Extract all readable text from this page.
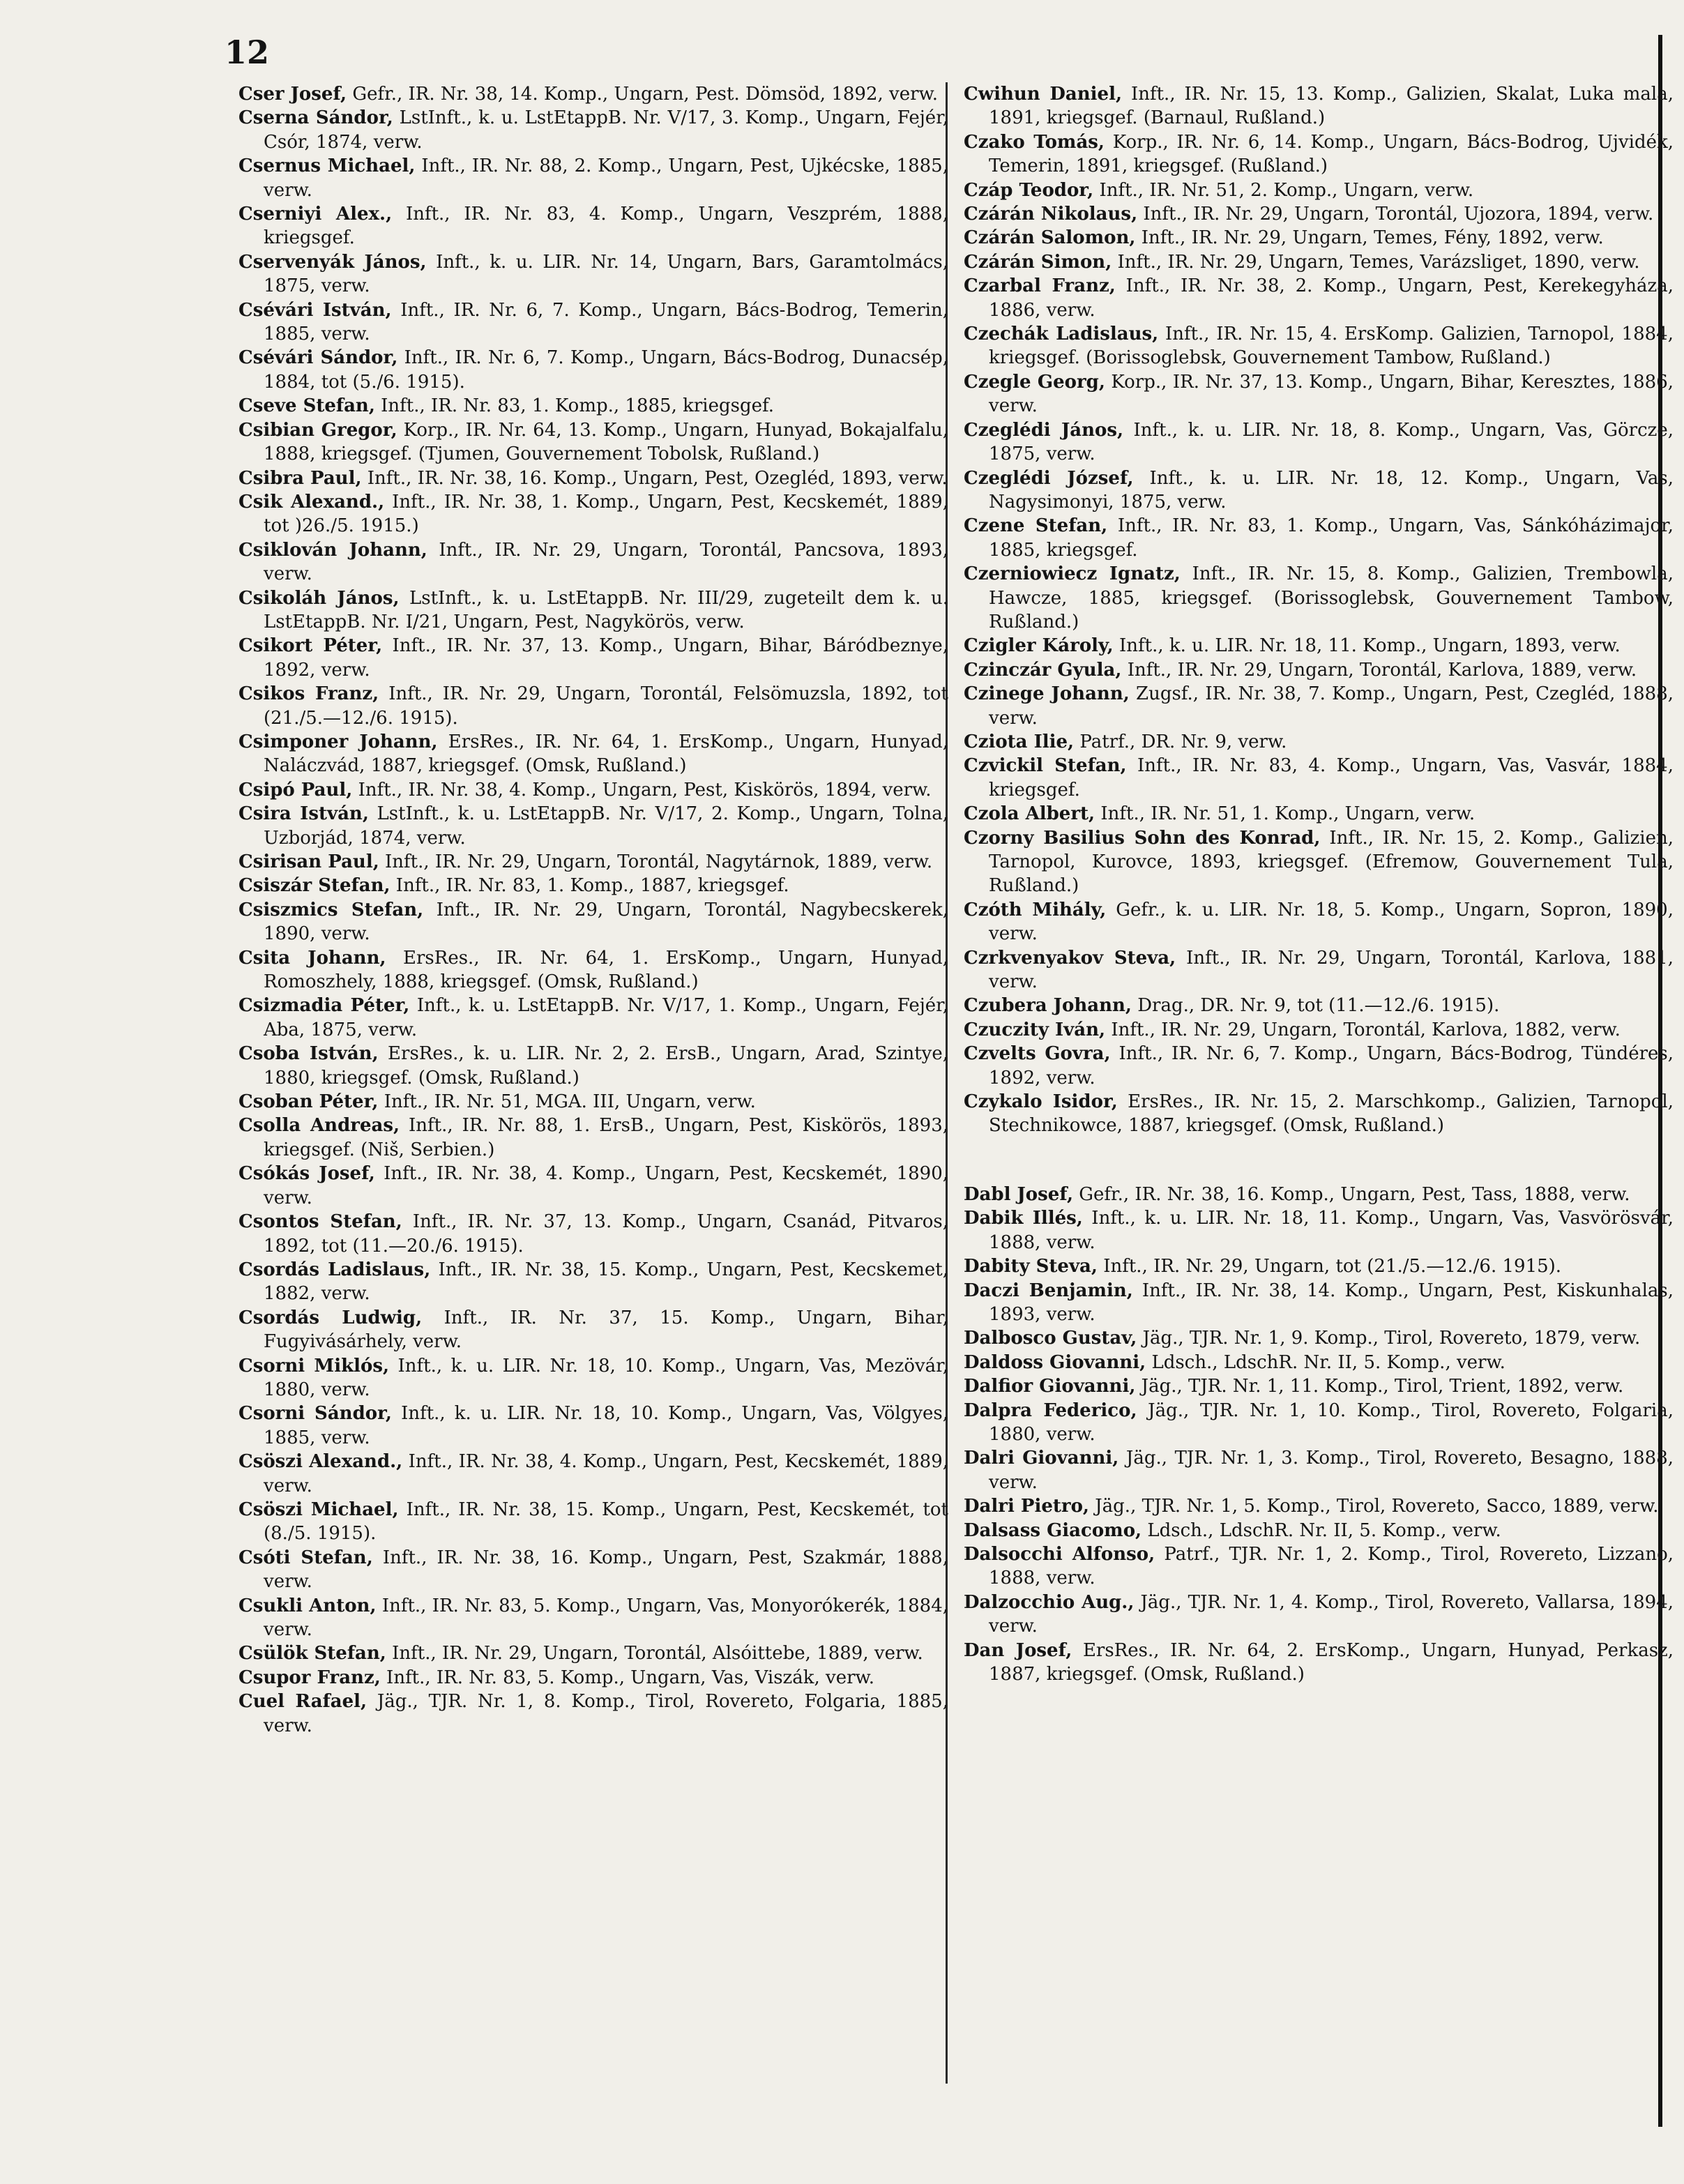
12

Cser Josef, Gefr., IR. Nr. 38, 14. Komp., Ungarn, Pest. Dömsöd, 1892, verw.

Cserna Sándor, LstInft., k. u. LstEtappB. Nr. V/17, 3. Komp., Ungarn, Fejér, Csór, 1874, verw.

Csernus Michael, Inft., IR. Nr. 88, 2. Komp., Ungarn, Pest, Ujkécske, 1885, verw.

Cserniyi Alex., Inft., IR. Nr. 83, 4. Komp., Ungarn, Veszprém, 1888, kriegsgef.

Cservenyák János, Inft., k. u. LIR. Nr. 14, Ungarn, Bars, Garamtolmács, 1875, verw.

Csévári István, Inft., IR. Nr. 6, 7. Komp., Ungarn, Bács-Bodrog, Temerin, 1885, verw.

Csévári Sándor, Inft., IR. Nr. 6, 7. Komp., Ungarn, Bács-Bodrog, Dunacsép, 1884, tot (5./6. 1915).

Cseve Stefan, Inft., IR. Nr. 83, 1. Komp., 1885, kriegsgef.

Csibian Gregor, Korp., IR. Nr. 64, 13. Komp., Ungarn, Hunyad, Bokajalfalu, 1888, kriegsgef. (Tjumen, Gouvernement Tobolsk, Rußland.)

Csibra Paul, Inft., IR. Nr. 38, 16. Komp., Ungarn, Pest, Ozegléd, 1893, verw.

Csik Alexand., Inft., IR. Nr. 38, 1. Komp., Ungarn, Pest, Kecskemét, 1889, tot )26./5. 1915.)

Csiklován Johann, Inft., IR. Nr. 29, Ungarn, Torontál, Pancsova, 1893, verw.

Csikoláh János, LstInft., k. u. LstEtappB. Nr. III/29, zugeteilt dem k. u. LstEtappB. Nr. I/21, Ungarn, Pest, Nagykörös, verw.

Csikort Péter, Inft., IR. Nr. 37, 13. Komp., Ungarn, Bihar, Báródbeznye, 1892, verw.

Csikos Franz, Inft., IR. Nr. 29, Ungarn, Torontál, Felsömuzsla, 1892, tot (21./5.—12./6. 1915).

Csimponer Johann, ErsRes., IR. Nr. 64, 1. ErsKomp., Ungarn, Hunyad, Naláczvád, 1887, kriegsgef. (Omsk, Rußland.)

Csipó Paul, Inft., IR. Nr. 38, 4. Komp., Ungarn, Pest, Kiskörös, 1894, verw.

Csira István, LstInft., k. u. LstEtappB. Nr. V/17, 2. Komp., Ungarn, Tolna, Uzborjád, 1874, verw.

Csirisan Paul, Inft., IR. Nr. 29, Ungarn, Torontál, Nagytárnok, 1889, verw.

Csiszár Stefan, Inft., IR. Nr. 83, 1. Komp., 1887, kriegsgef.

Csiszmics Stefan, Inft., IR. Nr. 29, Ungarn, Torontál, Nagybecskerek, 1890, verw.

Csita Johann, ErsRes., IR. Nr. 64, 1. ErsKomp., Ungarn, Hunyad, Romoszhely, 1888, kriegsgef. (Omsk, Rußland.)

Csizmadia Péter, Inft., k. u. LstEtappB. Nr. V/17, 1. Komp., Ungarn, Fejér, Aba, 1875, verw.

Csoba István, ErsRes., k. u. LIR. Nr. 2, 2. ErsB., Ungarn, Arad, Szintye, 1880, kriegsgef. (Omsk, Rußland.)

Csoban Péter, Inft., IR. Nr. 51, MGA. III, Ungarn, verw.

Csolla Andreas, Inft., IR. Nr. 88, 1. ErsB., Ungarn, Pest, Kiskörös, 1893, kriegsgef. (Niš, Serbien.)

Csókás Josef, Inft., IR. Nr. 38, 4. Komp., Ungarn, Pest, Kecskemét, 1890, verw.

Csontos Stefan, Inft., IR. Nr. 37, 13. Komp., Ungarn, Csanád, Pitvaros, 1892, tot (11.—20./6. 1915).

Csordás Ladislaus, Inft., IR. Nr. 38, 15. Komp., Ungarn, Pest, Kecskemet, 1882, verw.

Csordás Ludwig, Inft., IR. Nr. 37, 15. Komp., Ungarn, Bihar, Fugyivásárhely, verw.

Csorni Miklós, Inft., k. u. LIR. Nr. 18, 10. Komp., Ungarn, Vas, Mezövár, 1880, verw.

Csorni Sándor, Inft., k. u. LIR. Nr. 18, 10. Komp., Ungarn, Vas, Völgyes, 1885, verw.

Csöszi Alexand., Inft., IR. Nr. 38, 4. Komp., Ungarn, Pest, Kecskemét, 1889, verw.

Csöszi Michael, Inft., IR. Nr. 38, 15. Komp., Ungarn, Pest, Kecskemét, tot (8./5. 1915).

Csóti Stefan, Inft., IR. Nr. 38, 16. Komp., Ungarn, Pest, Szakmár, 1888, verw.

Csukli Anton, Inft., IR. Nr. 83, 5. Komp., Ungarn, Vas, Monyorókerék, 1884, verw.

Csülök Stefan, Inft., IR. Nr. 29, Ungarn, Torontál, Alsóittebe, 1889, verw.

Csupor Franz, Inft., IR. Nr. 83, 5. Komp., Ungarn, Vas, Viszák, verw.

Cuel Rafael, Jäg., TJR. Nr. 1, 8. Komp., Tirol, Rovereto, Folgaria, 1885, verw.

Cwihun Daniel, Inft., IR. Nr. 15, 13. Komp., Galizien, Skalat, Luka mala, 1891, kriegsgef. (Barnaul, Rußland.)

Czako Tomás, Korp., IR. Nr. 6, 14. Komp., Ungarn, Bács-Bodrog, Ujvidék, Temerin, 1891, kriegsgef. (Rußland.)

Czáp Teodor, Inft., IR. Nr. 51, 2. Komp., Ungarn, verw.

Czárán Nikolaus, Inft., IR. Nr. 29, Ungarn, Torontál, Ujozora, 1894, verw.

Czárán Salomon, Inft., IR. Nr. 29, Ungarn, Temes, Fény, 1892, verw.

Czárán Simon, Inft., IR. Nr. 29, Ungarn, Temes, Varázsliget, 1890, verw.

Czarbal Franz, Inft., IR. Nr. 38, 2. Komp., Ungarn, Pest, Kerekegyháza, 1886, verw.

Czechák Ladislaus, Inft., IR. Nr. 15, 4. ErsKomp. Galizien, Tarnopol, 1884, kriegsgef. (Borissoglebsk, Gouvernement Tambow, Rußland.)

Czegle Georg, Korp., IR. Nr. 37, 13. Komp., Ungarn, Bihar, Keresztes, 1886, verw.

Czeglédi János, Inft., k. u. LIR. Nr. 18, 8. Komp., Ungarn, Vas, Görcze, 1875, verw.

Czeglédi József, Inft., k. u. LIR. Nr. 18, 12. Komp., Ungarn, Vas, Nagysimonyi, 1875, verw.

Czene Stefan, Inft., IR. Nr. 83, 1. Komp., Ungarn, Vas, Sánkóházimajor, 1885, kriegsgef.

Czerniowiecz Ignatz, Inft., IR. Nr. 15, 8. Komp., Galizien, Trembowla, Hawcze, 1885, kriegsgef. (Borissoglebsk, Gouvernement Tambow, Rußland.)

Czigler Károly, Inft., k. u. LIR. Nr. 18, 11. Komp., Ungarn, 1893, verw.

Czinczár Gyula, Inft., IR. Nr. 29, Ungarn, Torontál, Karlova, 1889, verw.

Czinege Johann, Zugsf., IR. Nr. 38, 7. Komp., Ungarn, Pest, Czegléd, 1888, verw.

Cziota Ilie, Patrf., DR. Nr. 9, verw.

Czvickil Stefan, Inft., IR. Nr. 83, 4. Komp., Ungarn, Vas, Vasvár, 1884, kriegsgef.

Czola Albert, Inft., IR. Nr. 51, 1. Komp., Ungarn, verw.

Czorny Basilius Sohn des Konrad, Inft., IR. Nr. 15, 2. Komp., Galizien, Tarnopol, Kurovce, 1893, kriegsgef. (Efremow, Gouvernement Tula, Rußland.)

Czóth Mihály, Gefr., k. u. LIR. Nr. 18, 5. Komp., Ungarn, Sopron, 1890, verw.

Czrkvenyakov Steva, Inft., IR. Nr. 29, Ungarn, Torontál, Karlova, 1881, verw.

Czubera Johann, Drag., DR. Nr. 9, tot (11.—12./6. 1915).

Czuczity Iván, Inft., IR. Nr. 29, Ungarn, Torontál, Karlova, 1882, verw.

Czvelts Govra, Inft., IR. Nr. 6, 7. Komp., Ungarn, Bács-Bodrog, Tündéres, 1892, verw.

Czykalo Isidor, ErsRes., IR. Nr. 15, 2. Marschkomp., Galizien, Tarnopol, Stechnikowce, 1887, kriegsgef. (Omsk, Rußland.)

Dabl Josef, Gefr., IR. Nr. 38, 16. Komp., Ungarn, Pest, Tass, 1888, verw.

Dabik Illés, Inft., k. u. LIR. Nr. 18, 11. Komp., Ungarn, Vas, Vasvörösvár, 1888, verw.

Dabity Steva, Inft., IR. Nr. 29, Ungarn, tot (21./5.—12./6. 1915).

Daczi Benjamin, Inft., IR. Nr. 38, 14. Komp., Ungarn, Pest, Kiskunhalas, 1893, verw.

Dalbosco Gustav, Jäg., TJR. Nr. 1, 9. Komp., Tirol, Rovereto, 1879, verw.

Daldoss Giovanni, Ldsch., LdschR. Nr. II, 5. Komp., verw.

Dalfior Giovanni, Jäg., TJR. Nr. 1, 11. Komp., Tirol, Trient, 1892, verw.

Dalpra Federico, Jäg., TJR. Nr. 1, 10. Komp., Tirol, Rovereto, Folgaria, 1880, verw.

Dalri Giovanni, Jäg., TJR. Nr. 1, 3. Komp., Tirol, Rovereto, Besagno, 1888, verw.

Dalri Pietro, Jäg., TJR. Nr. 1, 5. Komp., Tirol, Rovereto, Sacco, 1889, verw.

Dalsass Giacomo, Ldsch., LdschR. Nr. II, 5. Komp., verw.

Dalsocchi Alfonso, Patrf., TJR. Nr. 1, 2. Komp., Tirol, Rovereto, Lizzano, 1888, verw.

Dalzocchio Aug., Jäg., TJR. Nr. 1, 4. Komp., Tirol, Rovereto, Vallarsa, 1894, verw.

Dan Josef, ErsRes., IR. Nr. 64, 2. ErsKomp., Ungarn, Hunyad, Perkasz, 1887, kriegsgef. (Omsk, Rußland.)
